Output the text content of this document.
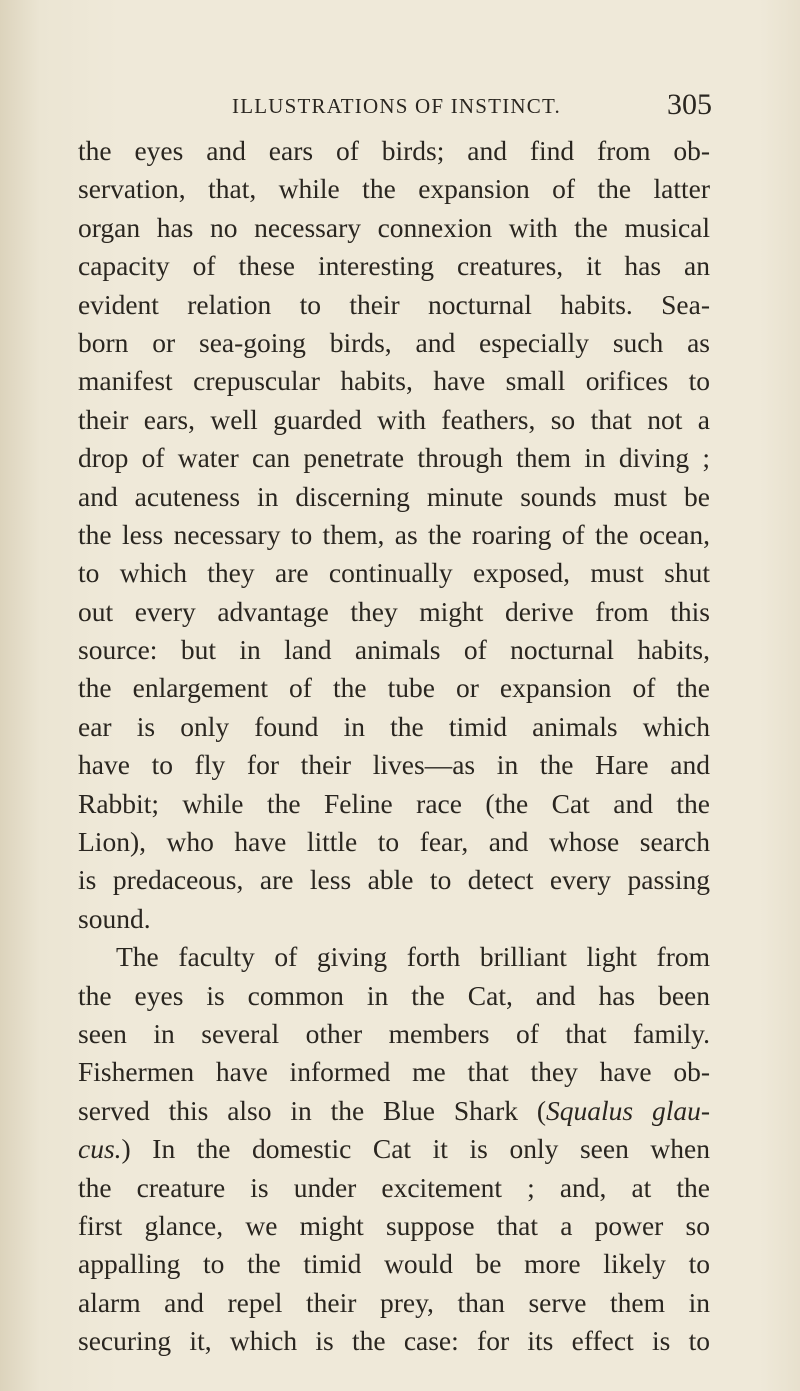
ILLUSTRATIONS OF INSTINCT.	305
the eyes and ears of birds; and find from ob-
servation, that, while the expansion of the latter
organ has no necessary connexion with the musical
capacity of these interesting creatures, it has an
evident relation to their nocturnal habits. Sea-
born or sea-going birds, and especially such as
manifest crepuscular habits, have small orifices to
their ears, well guarded with feathers, so that not a
drop of water can penetrate through them in diving ;
and acuteness in discerning minute sounds must be
the less necessary to them, as the roaring of the ocean,
to which they are continually exposed, must shut
out every advantage they might derive from this
source: but in land animals of nocturnal habits,
the enlargement of the tube or expansion of the
ear is only found in the timid animals which
have to fly for their lives—as in the Hare and
Rabbit; while the Feline race (the Cat and the
Lion), who have little to fear, and whose search
is predaceous, are less able to detect every passing
sound.
The faculty of giving forth brilliant light from
the eyes is common in the Cat, and has been
seen in several other members of that family.
Fishermen have informed me that they have ob-
served this also in the Blue Shark (Squalus glau-
cus.) In the domestic Cat it is only seen when
the creature is under excitement ; and, at the
first glance, we might suppose that a power so
appalling to the timid would be more likely to
alarm and repel their prey, than serve them in
securing it, which is the case: for its effect is to
